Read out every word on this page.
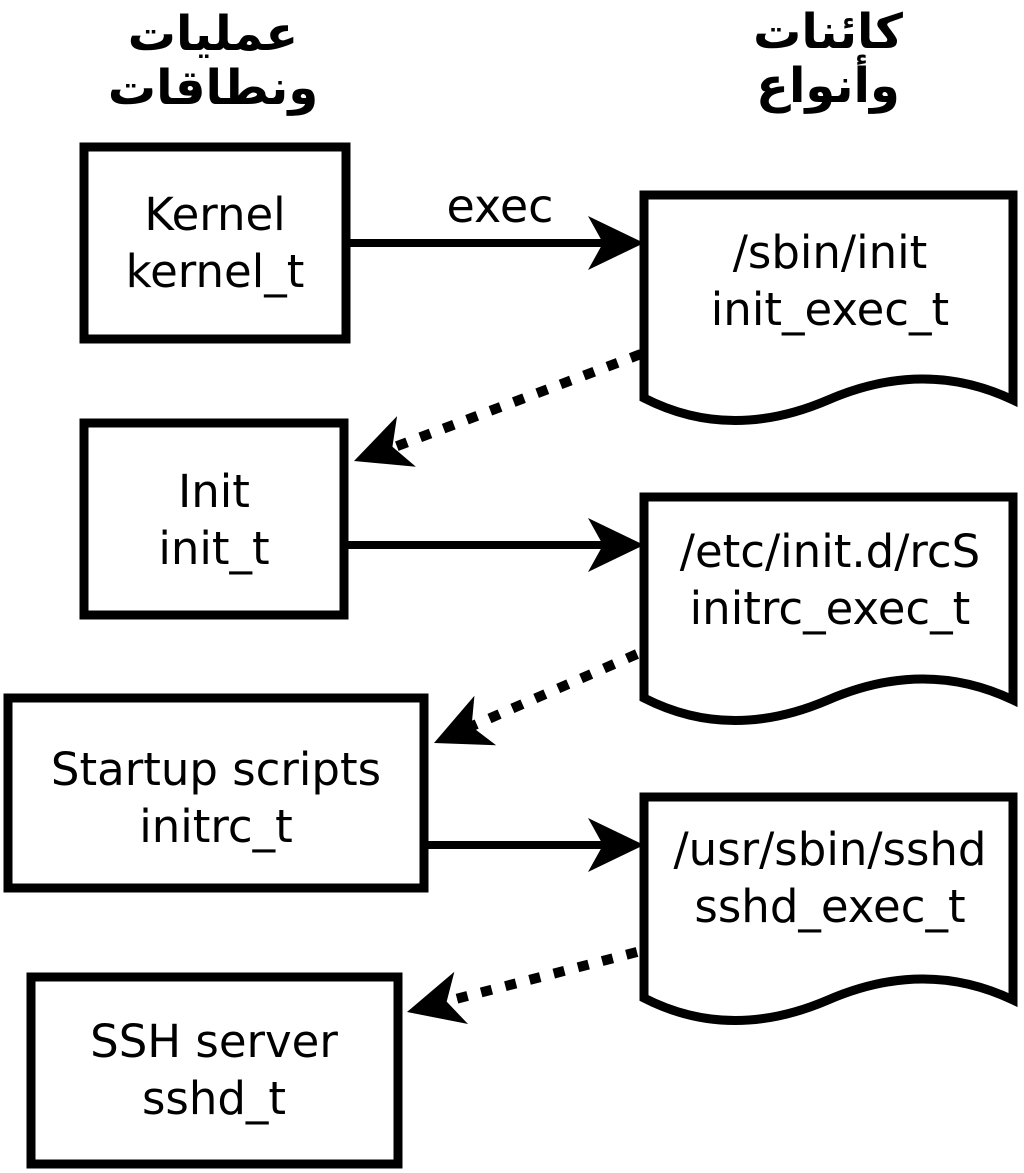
عمليات
ونطاقات
كائنات
وأنواع
exec
Kernel
kernel_t
Init
init_t
Startup scripts
initrc_t
SSH server
sshd_t
/sbin/init
init_exec_t
/etc/init.d/rcS
initrc_exec_t
/usr/sbin/sshd
sshd_exec_t
